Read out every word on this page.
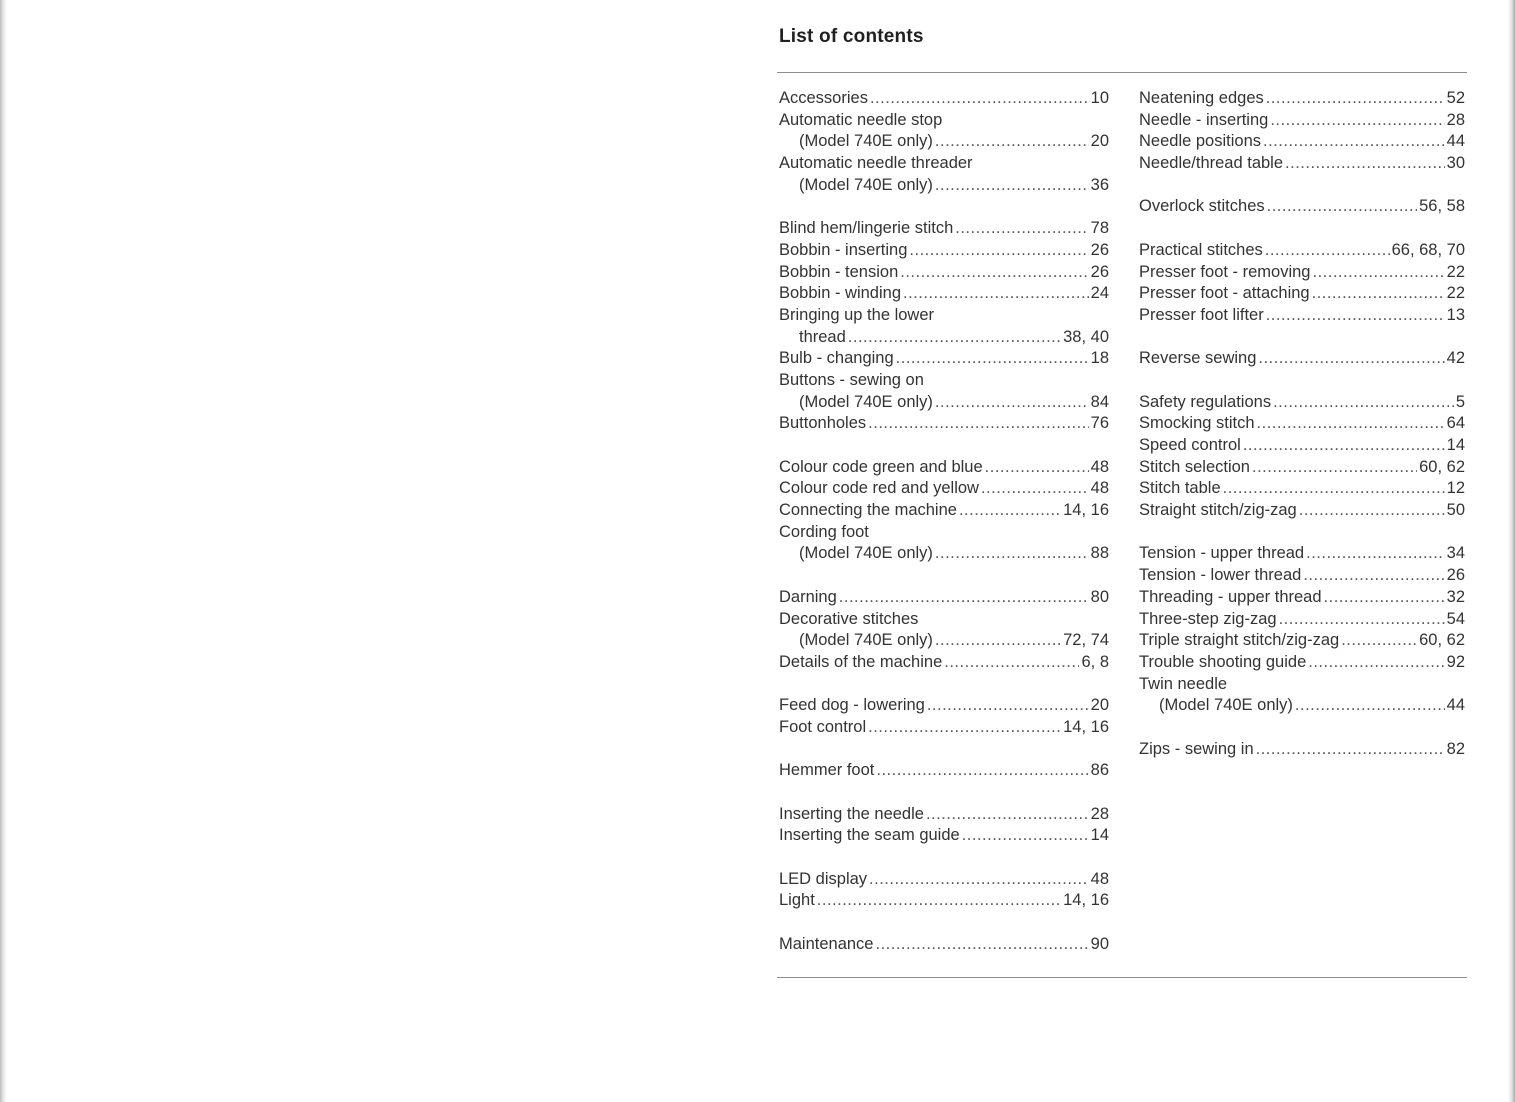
List of contents
Accessories .....	10
Automatic needle stop
(Model 740E only) .....	20
Automatic needle threader
(Model 740E only) .....	36
Blind hem/lingerie stitch .....	78
Bobbin - inserting .....	26
Bobbin - tension .....	26
Bobbin - winding .....	24
Bringing up the lower
thread .....	38, 40
Bulb - changing .....	18
Buttons - sewing on
(Model 740E only) .....	84
Buttonholes .....	76
Colour code green and blue .....	48
Colour code red and yellow .....	48
Connecting the machine .....	14, 16
Cording foot
(Model 740E only) .....	88
Darning .....	80
Decorative stitches
(Model 740E only) .....	72, 74
Details of the machine .....	6, 8
Feed dog - lowering .....	20
Foot control .....	14, 16
Hemmer foot .....	86
Inserting the needle .....	28
Inserting the seam guide .....	14
LED display .....	48
Light .....	14, 16
Maintenance .....	90
Neatening edges .....	52
Needle - inserting .....	28
Needle positions .....	44
Needle/thread table .....	30
Overlock stitches .....	56, 58
Practical stitches .....	66, 68, 70
Presser foot - removing .....	22
Presser foot - attaching .....	22
Presser foot lifter .....	13
Reverse sewing .....	42
Safety regulations .....	5
Smocking stitch .....	64
Speed control .....	14
Stitch selection .....	60, 62
Stitch table .....	12
Straight stitch/zig-zag .....	50
Tension - upper thread .....	34
Tension - lower thread .....	26
Threading - upper thread .....	32
Three-step zig-zag .....	54
Triple straight stitch/zig-zag .....	60, 62
Trouble shooting guide .....	92
Twin needle
(Model 740E only) .....	44
Zips - sewing in .....	82
